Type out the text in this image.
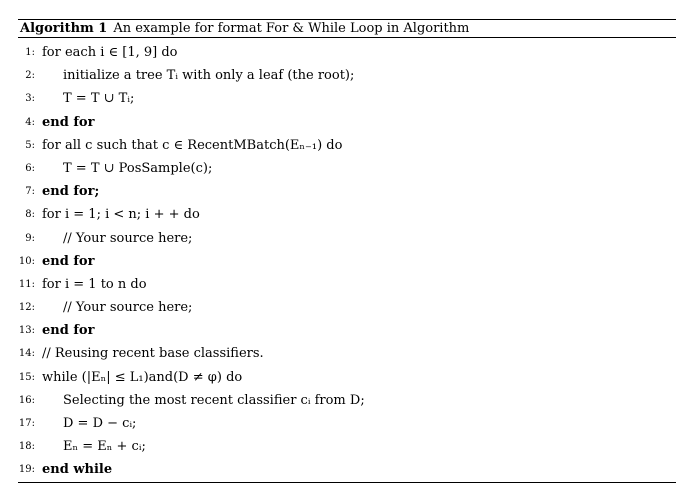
Algorithm 1 An example for format For & While Loop in Algorithm
1: for each i ∈ [1, 9] do
2: initialize a tree Tᵢ with only a leaf (the root);
3: T = T ∪ Tᵢ;
4: end for
5: for all c such that c ∈ RecentMBatch(Eₙ₋₁) do
6: T = T ∪ PosSample(c);
7: end for;
8: for i = 1; i < n; i + + do
9: // Your source here;
10: end for
11: for i = 1 to n do
12: // Your source here;
13: end for
14: // Reusing recent base classifiers.
15: while (|Eₙ| ≤ L₁)and(D ≠ φ) do
16: Selecting the most recent classifier cᵢ from D;
17: D = D − cᵢ;
18: Eₙ = Eₙ + cᵢ;
19: end while
